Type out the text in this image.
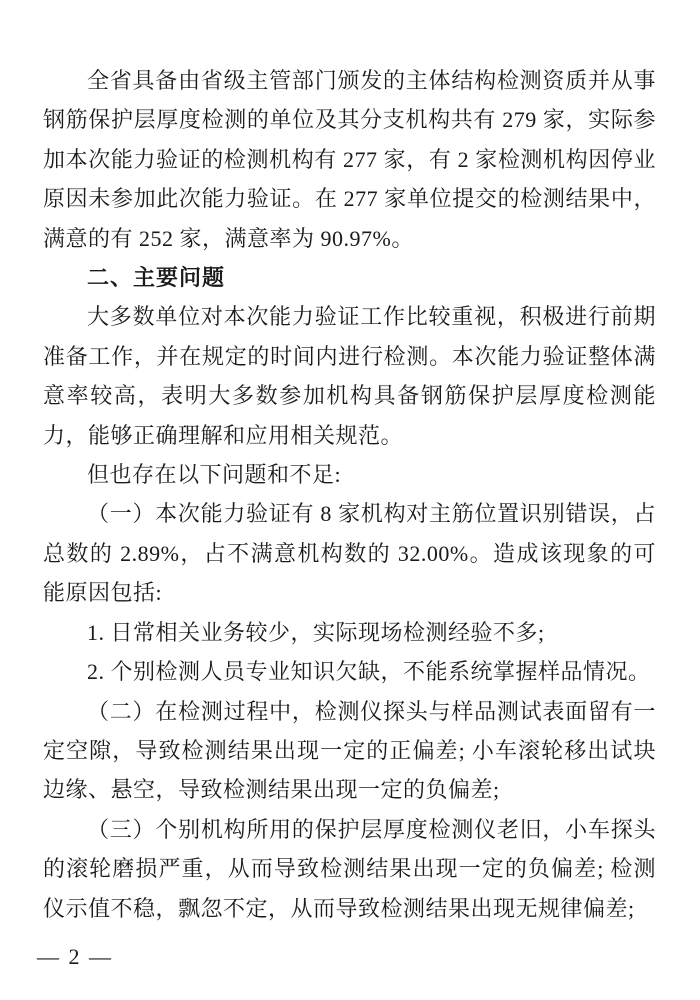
全省具备由省级主管部门颁发的主体结构检测资质并从事钢筋保护层厚度检测的单位及其分支机构共有 279 家，实际参加本次能力验证的检测机构有 277 家，有 2 家检测机构因停业原因未参加此次能力验证。在 277 家单位提交的检测结果中，满意的有 252 家，满意率为 90.97%。

二、主要问题

大多数单位对本次能力验证工作比较重视，积极进行前期准备工作，并在规定的时间内进行检测。本次能力验证整体满意率较高，表明大多数参加机构具备钢筋保护层厚度检测能力，能够正确理解和应用相关规范。

但也存在以下问题和不足:

（一）本次能力验证有 8 家机构对主筋位置识别错误，占总数的 2.89%，占不满意机构数的 32.00%。造成该现象的可能原因包括:

1. 日常相关业务较少，实际现场检测经验不多;

2. 个别检测人员专业知识欠缺，不能系统掌握样品情况。

（二）在检测过程中，检测仪探头与样品测试表面留有一定空隙，导致检测结果出现一定的正偏差; 小车滚轮移出试块边缘、悬空，导致检测结果出现一定的负偏差;

（三）个别机构所用的保护层厚度检测仪老旧，小车探头的滚轮磨损严重，从而导致检测结果出现一定的负偏差; 检测仪示值不稳，飘忽不定，从而导致检测结果出现无规律偏差;

— 2 —
